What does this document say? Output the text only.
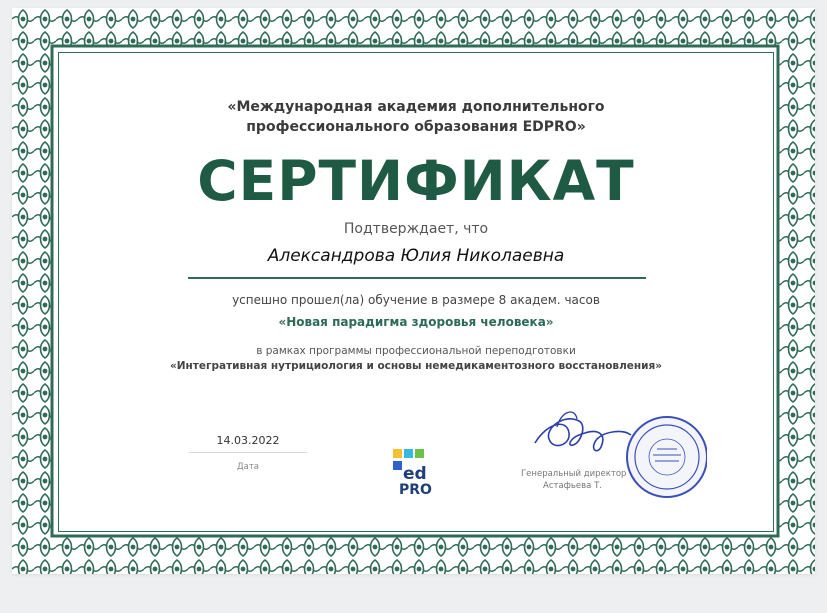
«Международная академия дополнительного
профессионального образования EDPRO»
СЕРТИФИКАТ
Подтверждает, что
Александрова Юлия Николаевна
успешно прошел(ла) обучение в размере 8 академ. часов
«Новая парадигма здоровья человека»
в рамках программы профессиональной переподготовки
«Интегративная нутрициология и основы немедикаментозного восстановления»
14.03.2022
Дата	ed
PRO
Генеральный директор
Астафьева Т.
